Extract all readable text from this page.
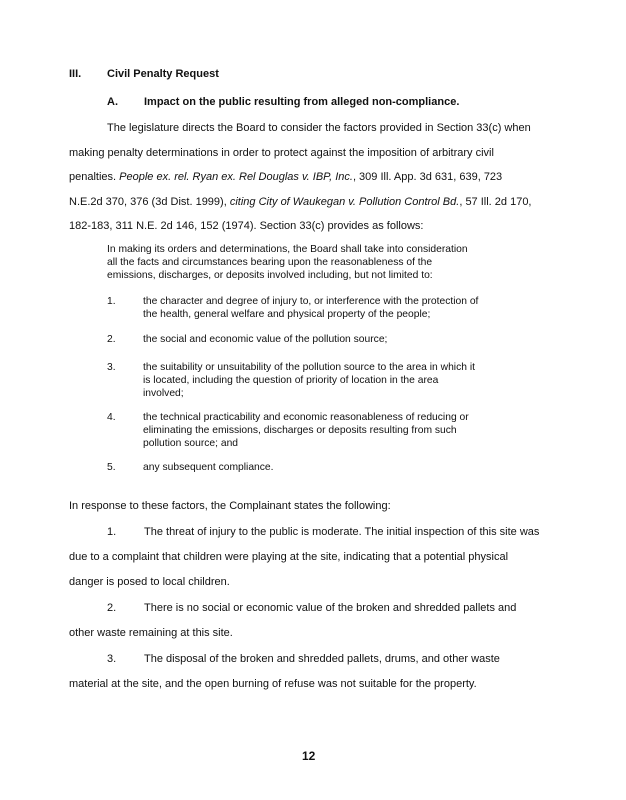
III. Civil Penalty Request
A. Impact on the public resulting from alleged non-compliance.
The legislature directs the Board to consider the factors provided in Section 33(c) when
making penalty determinations in order to protect against the imposition of arbitrary civil
penalties. People ex. rel. Ryan ex. Rel Douglas v. IBP, Inc., 309 Ill. App. 3d 631, 639, 723
N.E.2d 370, 376 (3d Dist. 1999), citing City of Waukegan v. Pollution Control Bd., 57 Ill. 2d 170,
182-183, 311 N.E. 2d 146, 152 (1974). Section 33(c) provides as follows:
In making its orders and determinations, the Board shall take into consideration
all the facts and circumstances bearing upon the reasonableness of the
emissions, discharges, or deposits involved including, but not limited to:
1.	the character and degree of injury to, or interference with the protection of
the health, general welfare and physical property of the people;
2.	the social and economic value of the pollution source;
3.	the suitability or unsuitability of the pollution source to the area in which it
is located, including the question of priority of location in the area
involved;
4.	the technical practicability and economic reasonableness of reducing or
eliminating the emissions, discharges or deposits resulting from such
pollution source; and
5.	any subsequent compliance.
In response to these factors, the Complainant states the following:
1.	The threat of injury to the public is moderate. The initial inspection of this site was
due to a complaint that children were playing at the site, indicating that a potential physical
danger is posed to local children.
2.	There is no social or economic value of the broken and shredded pallets and
other waste remaining at this site.
3.	The disposal of the broken and shredded pallets, drums, and other waste
material at the site, and the open burning of refuse was not suitable for the property.
12
